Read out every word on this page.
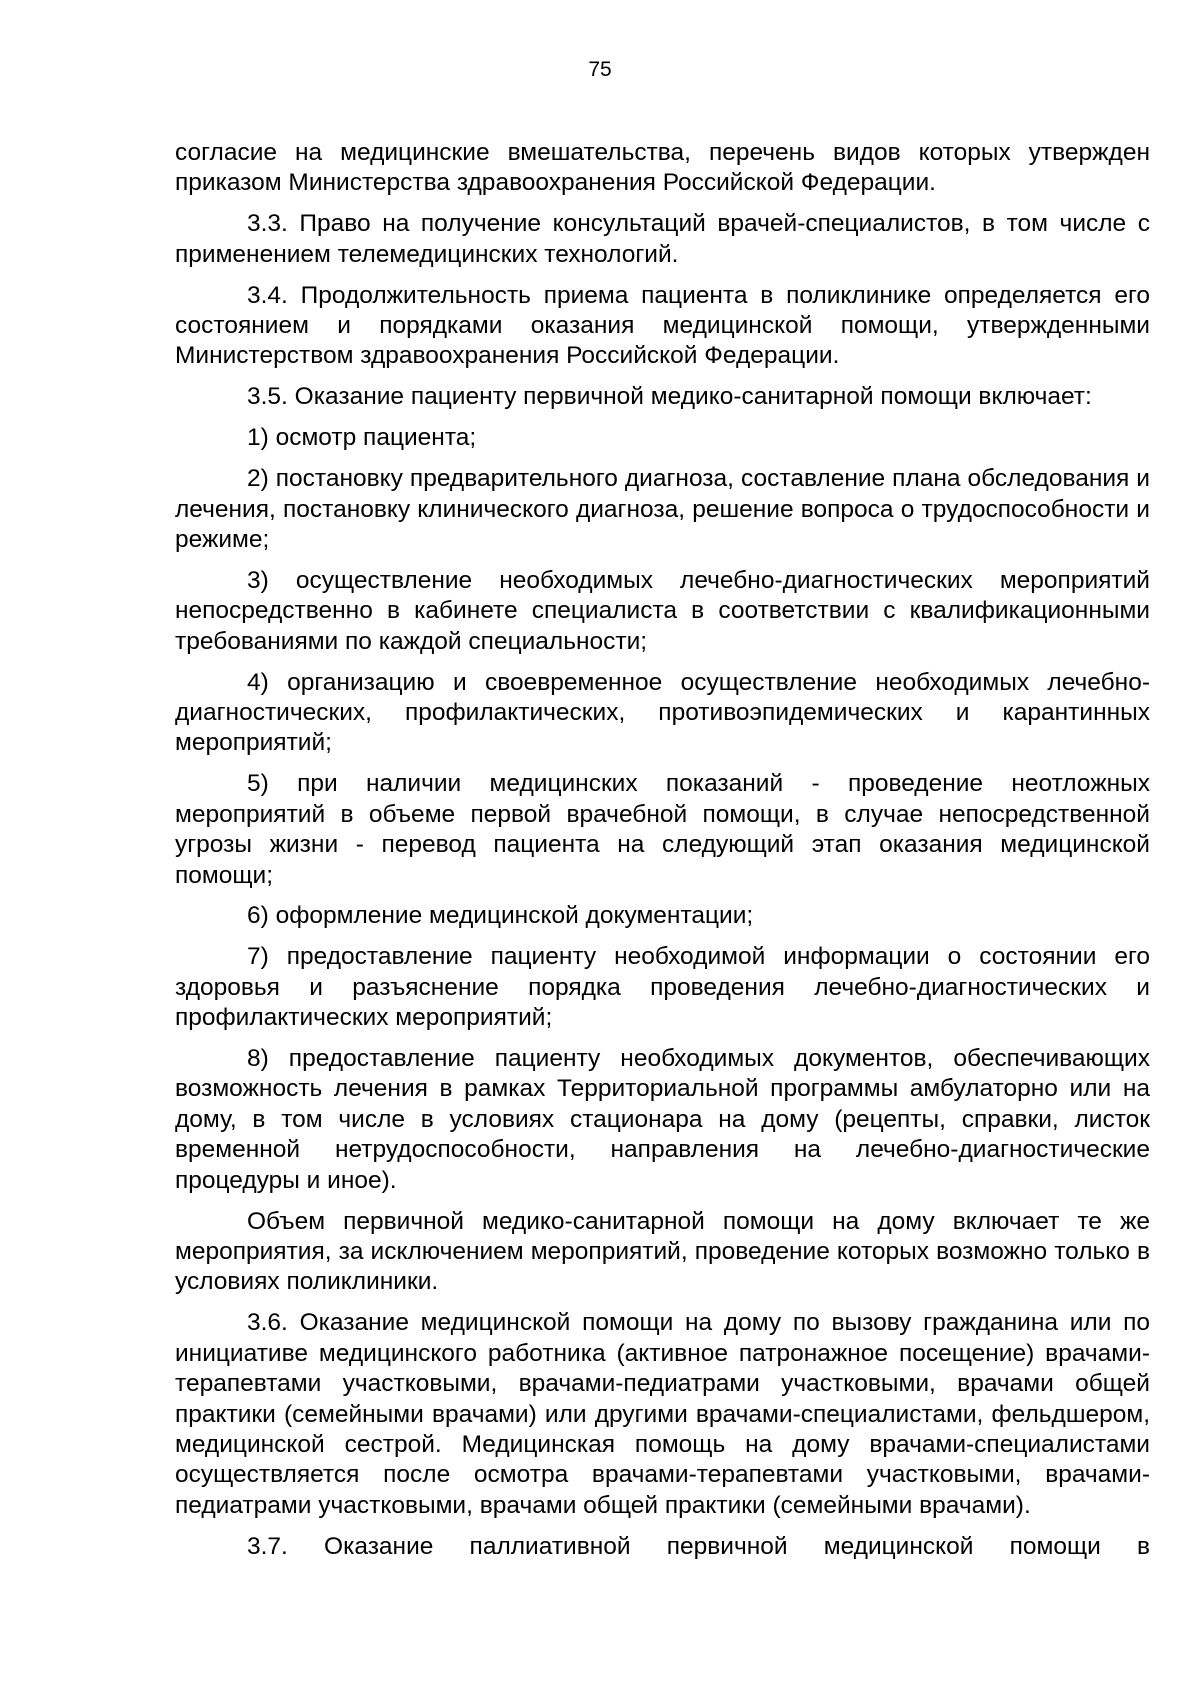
75

согласие на медицинские вмешательства, перечень видов которых утвержден приказом Министерства здравоохранения Российской Федерации.

3.3. Право на получение консультаций врачей-специалистов, в том числе с применением телемедицинских технологий.

3.4. Продолжительность приема пациента в поликлинике определяется его состоянием и порядками оказания медицинской помощи, утвержденными Министерством здравоохранения Российской Федерации.

3.5. Оказание пациенту первичной медико-санитарной помощи включает:

1) осмотр пациента;

2) постановку предварительного диагноза, составление плана обследования и лечения, постановку клинического диагноза, решение вопроса о трудоспособности и режиме;

3) осуществление необходимых лечебно-диагностических мероприятий непосредственно в кабинете специалиста в соответствии с квалификационными требованиями по каждой специальности;

4) организацию и своевременное осуществление необходимых лечебно-диагностических, профилактических, противоэпидемических и карантинных мероприятий;

5) при наличии медицинских показаний - проведение неотложных мероприятий в объеме первой врачебной помощи, в случае непосредственной угрозы жизни - перевод пациента на следующий этап оказания медицинской помощи;

6) оформление медицинской документации;

7) предоставление пациенту необходимой информации о состоянии его здоровья и разъяснение порядка проведения лечебно-диагностических и профилактических мероприятий;

8) предоставление пациенту необходимых документов, обеспечивающих возможность лечения в рамках Территориальной программы амбулаторно или на дому, в том числе в условиях стационара на дому (рецепты, справки, листок временной нетрудоспособности, направления на лечебно-диагностические процедуры и иное).

Объем первичной медико-санитарной помощи на дому включает те же мероприятия, за исключением мероприятий, проведение которых возможно только в условиях поликлиники.

3.6. Оказание медицинской помощи на дому по вызову гражданина или по инициативе медицинского работника (активное патронажное посещение) врачами-терапевтами участковыми, врачами-педиатрами участковыми, врачами общей практики (семейными врачами) или другими врачами-специалистами, фельдшером, медицинской сестрой. Медицинская помощь на дому врачами-специалистами осуществляется после осмотра врачами-терапевтами участковыми, врачами-педиатрами участковыми, врачами общей практики (семейными врачами).

3.7. Оказание паллиативной первичной медицинской помощи в
